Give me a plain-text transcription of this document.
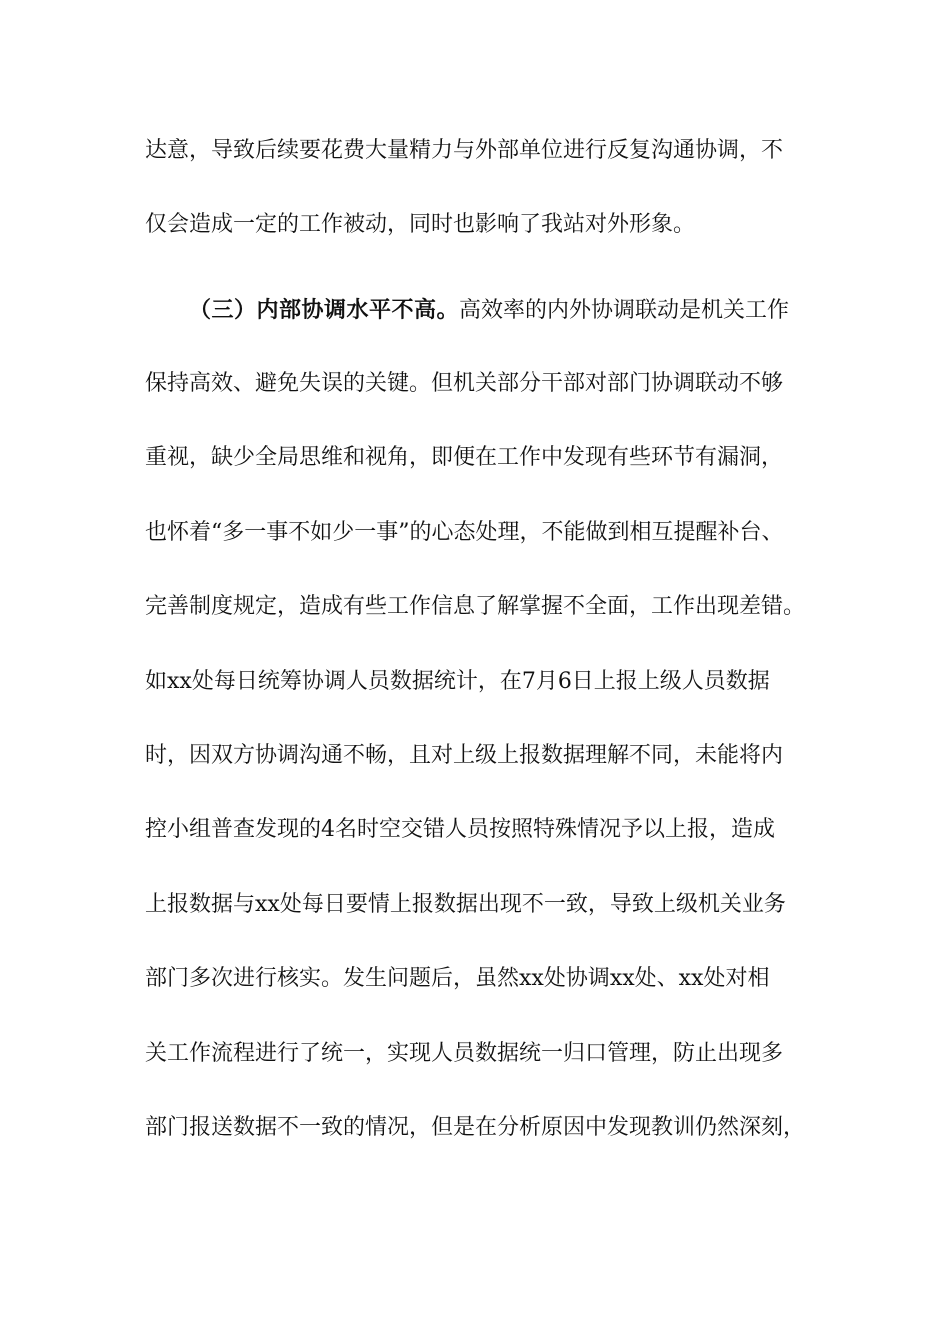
达意，导致后续要花费大量精力与外部单位进行反复沟通协调，不
仅会造成一定的工作被动，同时也影响了我站对外形象。
（三）内部协调水平不高。高效率的内外协调联动是机关工作
保持高效、避免失误的关键。但机关部分干部对部门协调联动不够
重视，缺少全局思维和视角，即便在工作中发现有些环节有漏洞，
也怀着“多一事不如少一事”的心态处理，不能做到相互提醒补台、
完善制度规定，造成有些工作信息了解掌握不全面，工作出现差错。
如xx处每日统筹协调人员数据统计，在7月6日上报上级人员数据
时，因双方协调沟通不畅，且对上级上报数据理解不同，未能将内
控小组普查发现的4名时空交错人员按照特殊情况予以上报，造成
上报数据与xx处每日要情上报数据出现不一致，导致上级机关业务
部门多次进行核实。发生问题后，虽然xx处协调xx处、xx处对相
关工作流程进行了统一，实现人员数据统一归口管理，防止出现多
部门报送数据不一致的情况，但是在分析原因中发现教训仍然深刻，
